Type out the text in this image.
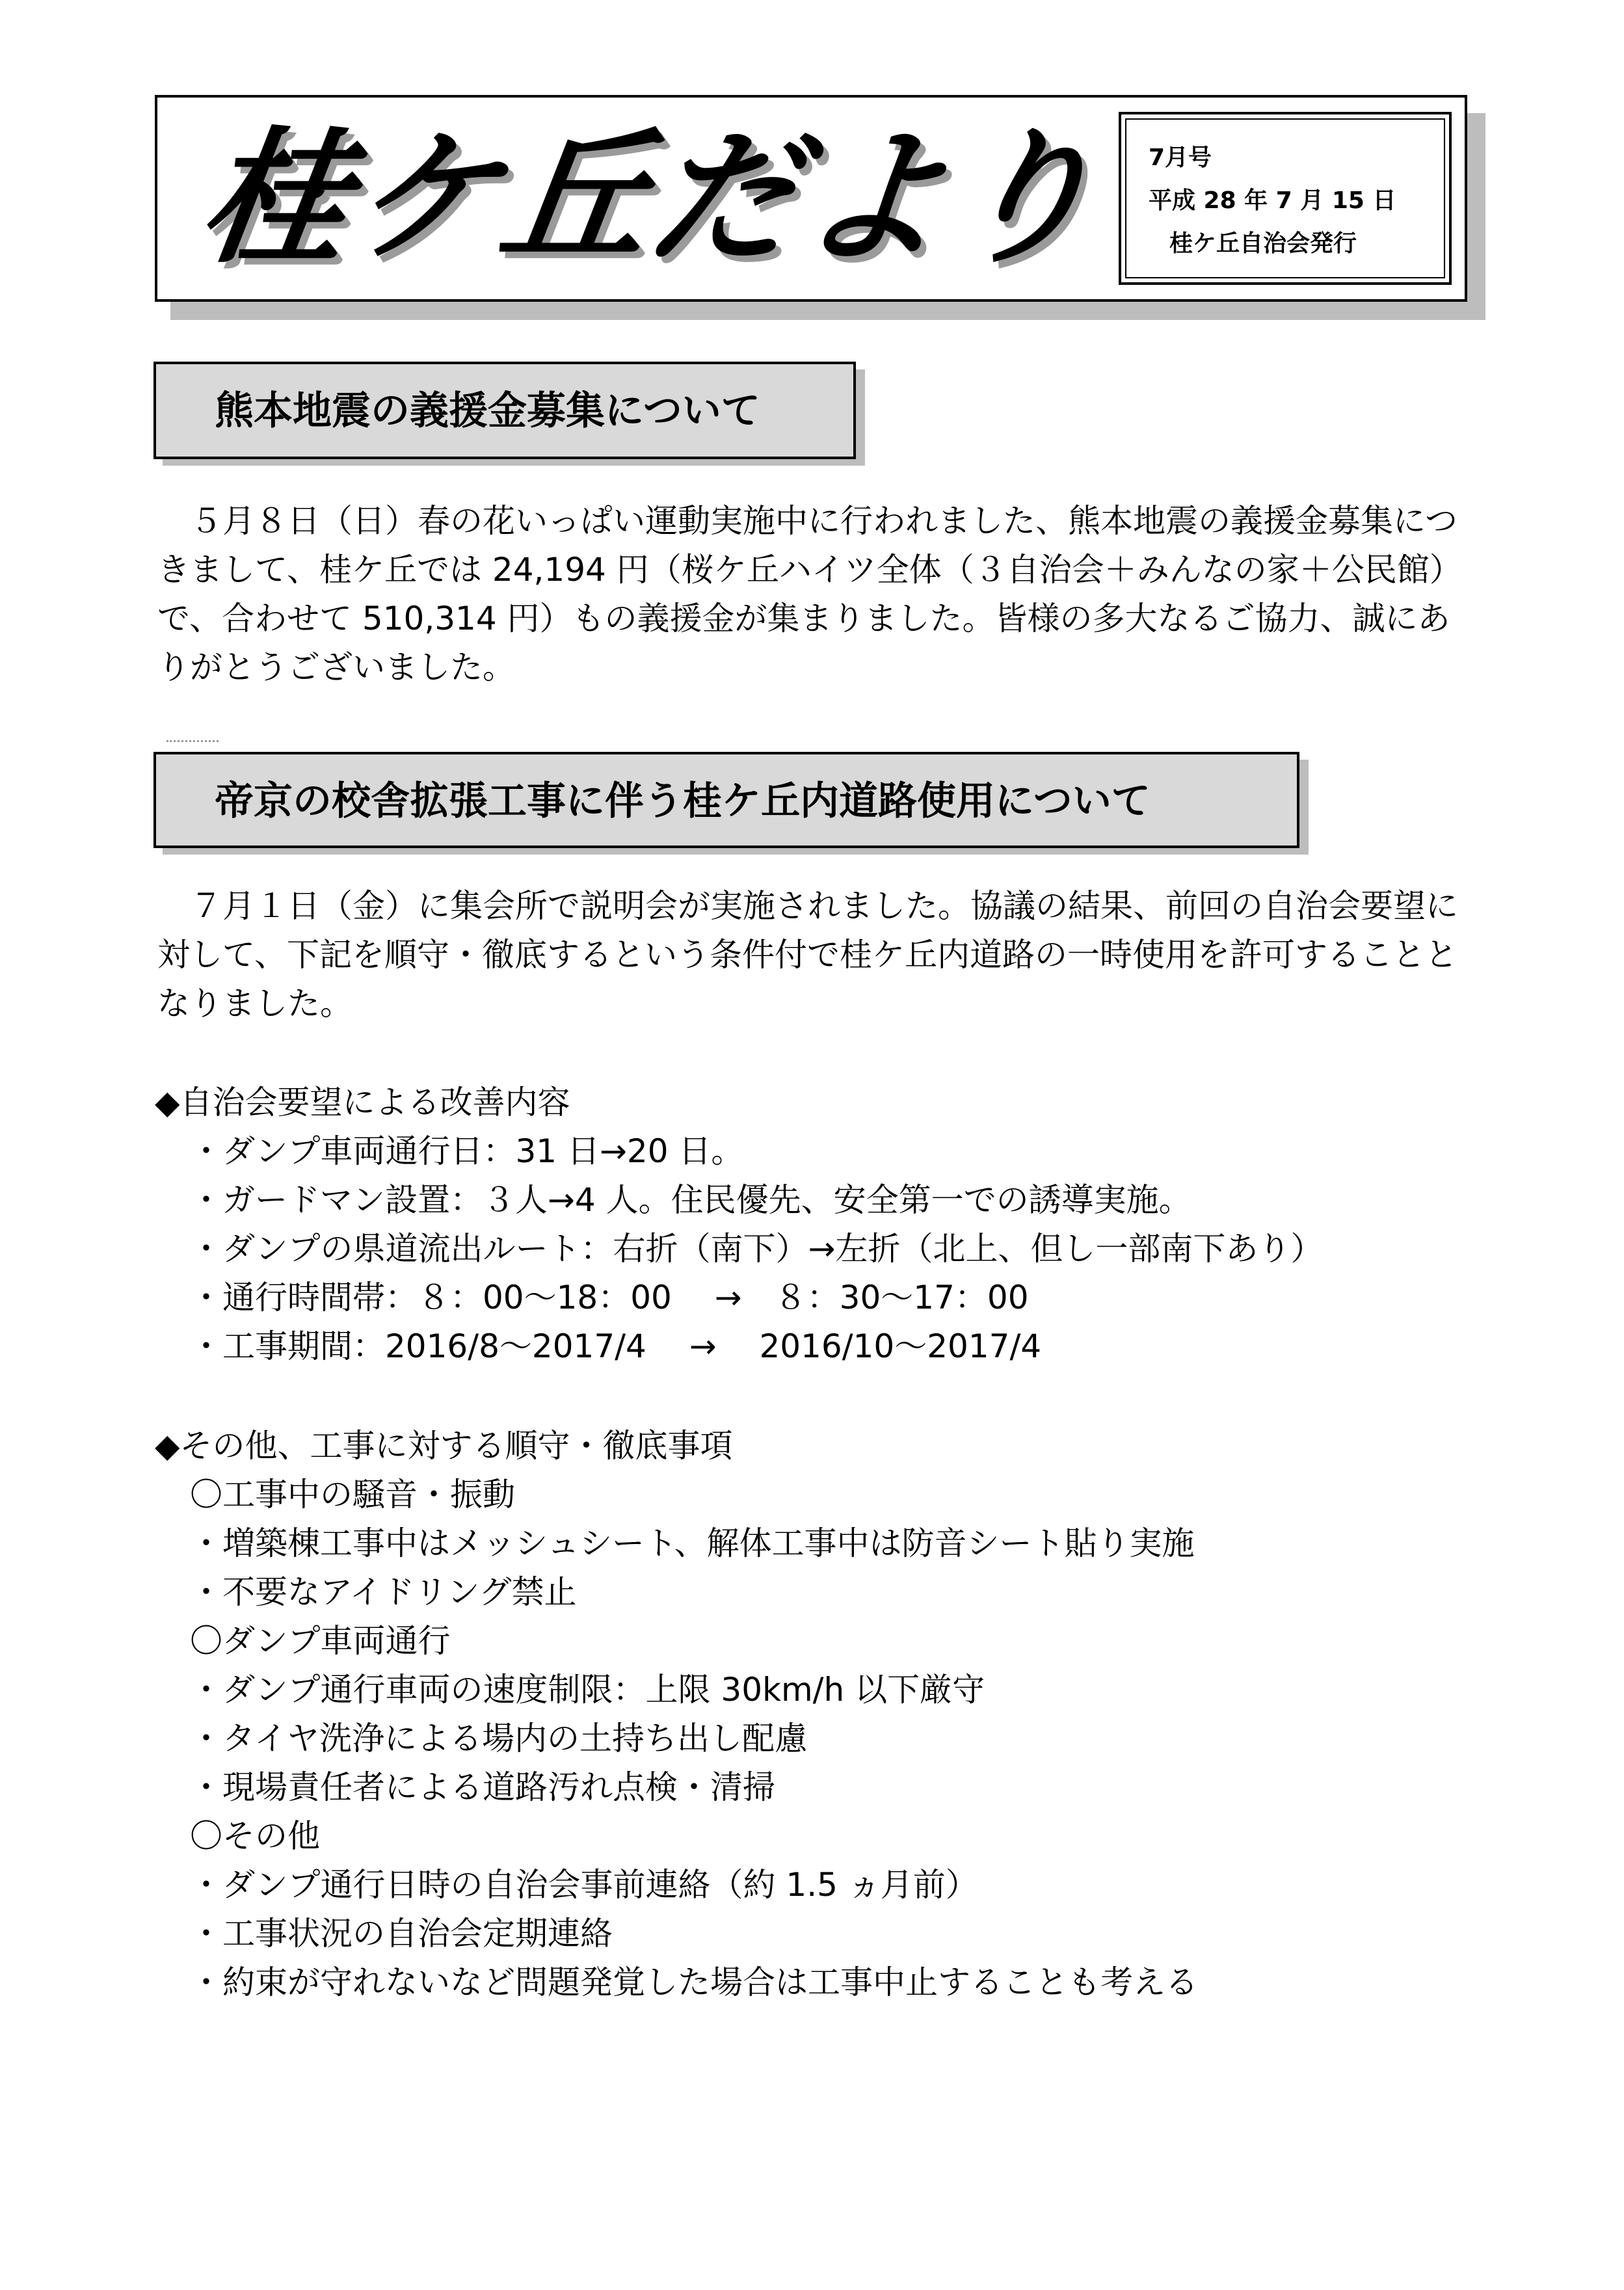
桂ケ丘だより 7月号
平成 28 年 7 月 15 日
桂ケ丘自治会発行
熊本地震の義援金募集について
　５月８日（日）春の花いっぱい運動実施中に行われました、熊本地震の義援金募集につ
きまして、桂ケ丘では 24,194 円（桜ケ丘ハイツ全体（３自治会＋みんなの家＋公民館）
で、合わせて 510,314 円）もの義援金が集まりました。皆様の多大なるご協力、誠にあ
りがとうございました。
帝京の校舎拡張工事に伴う桂ケ丘内道路使用について
　７月１日（金）に集会所で説明会が実施されました。協議の結果、前回の自治会要望に
対して、下記を順守・徹底するという条件付で桂ケ丘内道路の一時使用を許可することと
なりました。
◆自治会要望による改善内容
・ダンプ車両通行日：31 日→20 日。
・ガードマン設置：３人→4 人。住民優先、安全第一での誘導実施。
・ダンプの県道流出ルート：右折（南下）→左折（北上、但し一部南下あり）
・通行時間帯：８：00～18：00　 →　８：30～17：00
・工事期間：2016/8～2017/4　 →　 2016/10～2017/4
◆その他、工事に対する順守・徹底事項
〇工事中の騒音・振動
・増築棟工事中はメッシュシート、解体工事中は防音シート貼り実施
・不要なアイドリング禁止
〇ダンプ車両通行
・ダンプ通行車両の速度制限：上限 30km/h 以下厳守
・タイヤ洗浄による場内の土持ち出し配慮
・現場責任者による道路汚れ点検・清掃
〇その他
・ダンプ通行日時の自治会事前連絡（約 1.5 ヵ月前）
・工事状況の自治会定期連絡
・約束が守れないなど問題発覚した場合は工事中止することも考える
